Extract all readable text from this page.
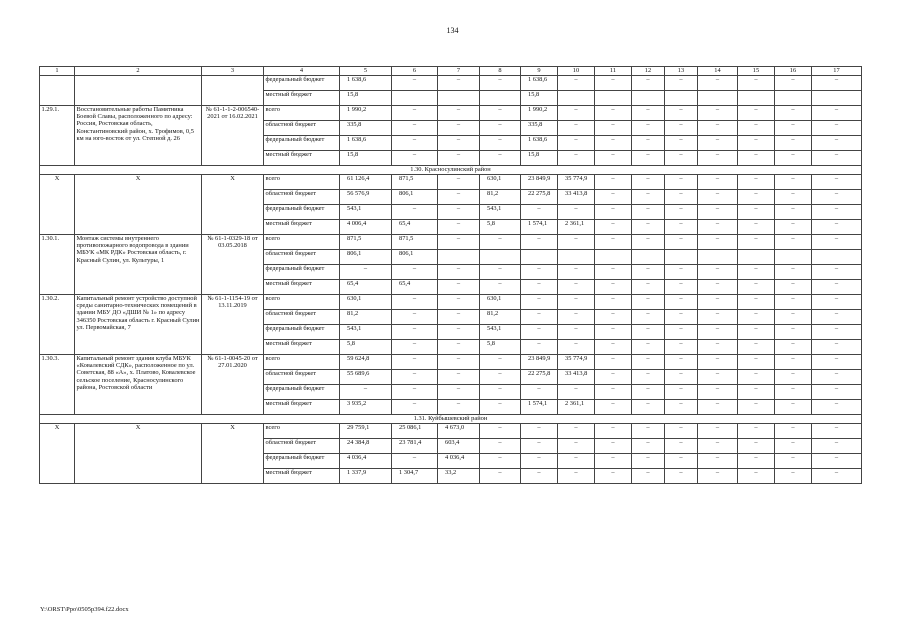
134
1	2	3	4	5	6	7	8	9	10	11	12	13	14	15	16	17
			федеральный бюджет	1 638,6	–	–	–	1 638,6	–	–	–	–	–	–	–	–
			местный бюджет	15,8				15,8								
1.29.1.	Восстановительные работы Памятника Боевой Славы, расположенного по адресу: Россия, Ростовская область, Константиновский район, х. Трофимов, 0,5 км на юго-восток от ул. Степной д. 26	№ 61-1-1-2-006540-2021 от 16.02.2021	всего	1 990,2	–	–	–	1 990,2	–	–	–	–	–	–	–	–
			областной бюджет	335,8	–	–	–	335,8	–	–	–	–	–	–	–	–
			федеральный бюджет	1 638,6	–	–	–	1 638,6	–	–	–	–	–	–	–	–
			местный бюджет	15,8	–	–	–	15,8	–	–	–	–	–	–	–	–
1.30. Красносулинский район																
X	X	X	всего	61 126,4	871,5	–	630,1	23 849,9	35 774,9	–	–	–	–	–	–	–
			областной бюджет	56 576,9	806,1	–	81,2	22 275,8	33 413,8	–	–	–	–	–	–	–
			федеральный бюджет	543,1	–	–	543,1	–	–	–	–	–	–	–	–	–
			местный бюджет	4 006,4	65,4	–	5,8	1 574,1	2 361,1	–	–	–	–	–	–	–
1.30.1.	Монтаж системы внутреннего противопожарного водопровода в здании МБУК «МК РДК» Ростовская область, г. Красный Сулин, ул. Культуры, 1	№ 61-1-0329-18 от 03.05.2018	всего	871,5	871,5	–	–	–	–	–	–	–	–	–	–	–
			областной бюджет	806,1	806,1											
			федеральный бюджет	–	–	–	–	–	–	–	–	–	–	–	–	–
			местный бюджет	65,4	65,4	–	–	–	–	–	–	–	–	–	–	–
1.30.2.	Капитальный ремонт устройство доступной среды санитарно-технических помещений в здании МБУ ДО «ДШИ № 1» по адресу 346350 Ростовская область г. Красный Сулин ул. Первомайская, 7	№ 61-1-1154-19 от 13.11.2019	всего	630,1	–	–	630,1	–	–	–	–	–	–	–	–	–
			областной бюджет	81,2	–	–	81,2	–	–	–	–	–	–	–	–	–
			федеральный бюджет	543,1	–	–	543,1	–	–	–	–	–	–	–	–	–
			местный бюджет	5,8	–	–	5,8	–	–	–	–	–	–	–	–	–
1.30.3.	Капитальный ремонт здания клуба МБУК «Ковалевский СДК», расположенное по ул. Советская, 88 «А», х. Платово, Ковалевское сельское поселение, Красносулинского района, Ростовской области	№ 61-1-0045-20 от 27.01.2020	всего	59 624,8	–	–	–	23 849,9	35 774,9	–	–	–	–	–	–	–
			областной бюджет	55 689,6	–	–	–	22 275,8	33 413,8	–	–	–	–	–	–	–
			федеральный бюджет	–	–	–	–	–	–	–	–	–	–	–	–	–
			местный бюджет	3 935,2	–	–	–	1 574,1	2 361,1	–	–	–	–	–	–	–
1.31. Куйбышевский район																
X	X	X	всего	29 759,1	25 086,1	4 673,0	–	–	–	–	–	–	–	–	–	–
			областной бюджет	24 384,8	23 781,4	603,4	–	–	–	–	–	–	–	–	–	–
			федеральный бюджет	4 036,4	–	4 036,4	–	–	–	–	–	–	–	–	–	–
			местный бюджет	1 337,9	1 304,7	33,2	–	–	–	–	–	–	–	–	–	–
Y:\ORST\Ppo\0505p394.f22.docx
